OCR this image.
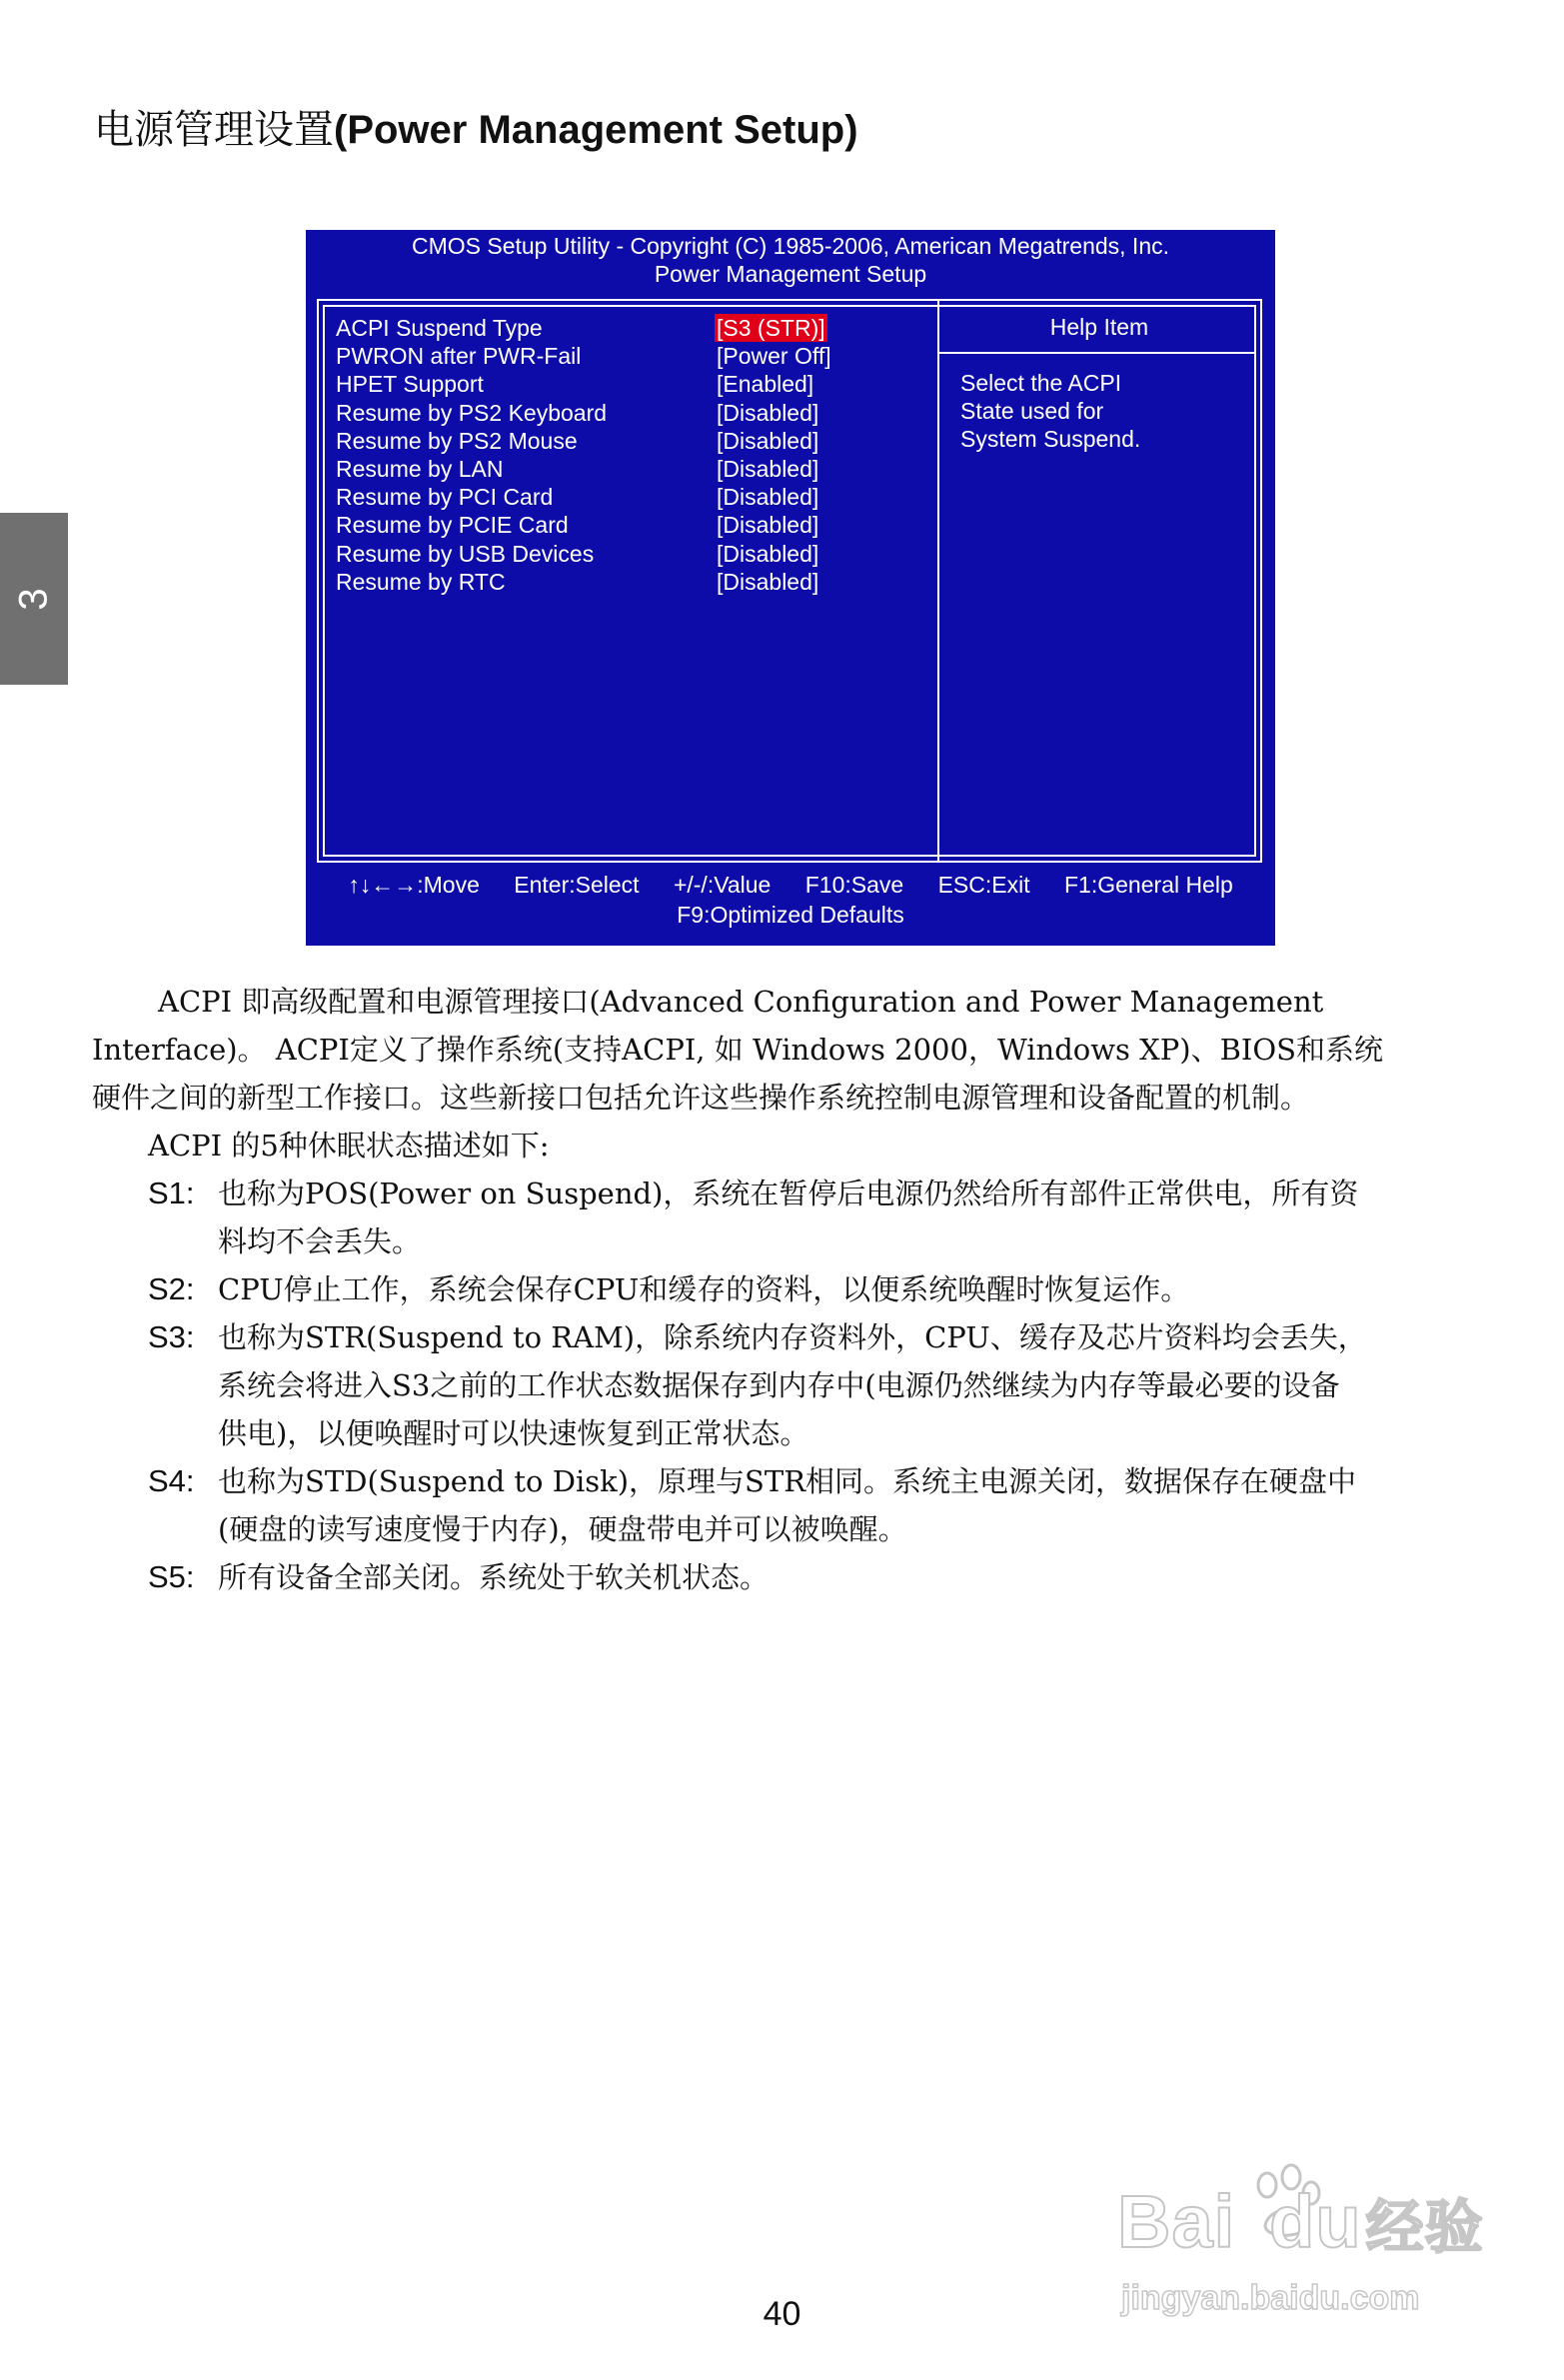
电源管理设置(Power Management Setup)
3
CMOS Setup Utility - Copyright (C) 1985-2006, American Megatrends, Inc.
Power Management Setup
ACPI Suspend Type	[S3 (STR)]
PWRON after PWR-Fail	[Power Off]
HPET Support	[Enabled]
Resume by PS2 Keyboard	[Disabled]
Resume by PS2 Mouse	[Disabled]
Resume by LAN	[Disabled]
Resume by PCI Card	[Disabled]
Resume by PCIE Card	[Disabled]
Resume by USB Devices	[Disabled]
Resume by RTC	[Disabled]
Help Item
Select the ACPI
State used for
System Suspend.
↑↓←→:Move Enter:Select +/-/:Value F10:Save ESC:Exit F1:General Help
F9:Optimized Defaults

ACPI 即高级配置和电源管理接口(Advanced Configuration and Power Management

Interface)。 ACPI定义了操作系统(支持ACPI, 如 Windows 2000，Windows XP)、BIOS和系统

硬件之间的新型工作接口。这些新接口包括允许这些操作系统控制电源管理和设备配置的机制。

ACPI 的5种休眠状态描述如下:

S1: 也称为POS(Power on Suspend)，系统在暂停后电源仍然给所有部件正常供电，所有资
料均不会丢失。
S2: CPU停止工作，系统会保存CPU和缓存的资料，以便系统唤醒时恢复运作。
S3: 也称为STR(Suspend to RAM)，除系统内存资料外，CPU、缓存及芯片资料均会丢失，
系统会将进入S3之前的工作状态数据保存到内存中(电源仍然继续为内存等最必要的设备
供电)，以便唤醒时可以快速恢复到正常状态。
S4: 也称为STD(Suspend to Disk)，原理与STR相同。系统主电源关闭，数据保存在硬盘中
(硬盘的读写速度慢于内存)，硬盘带电并可以被唤醒。
S5: 所有设备全部关闭。系统处于软关机状态。
Bai du经验
jingyan.baidu.com
40
